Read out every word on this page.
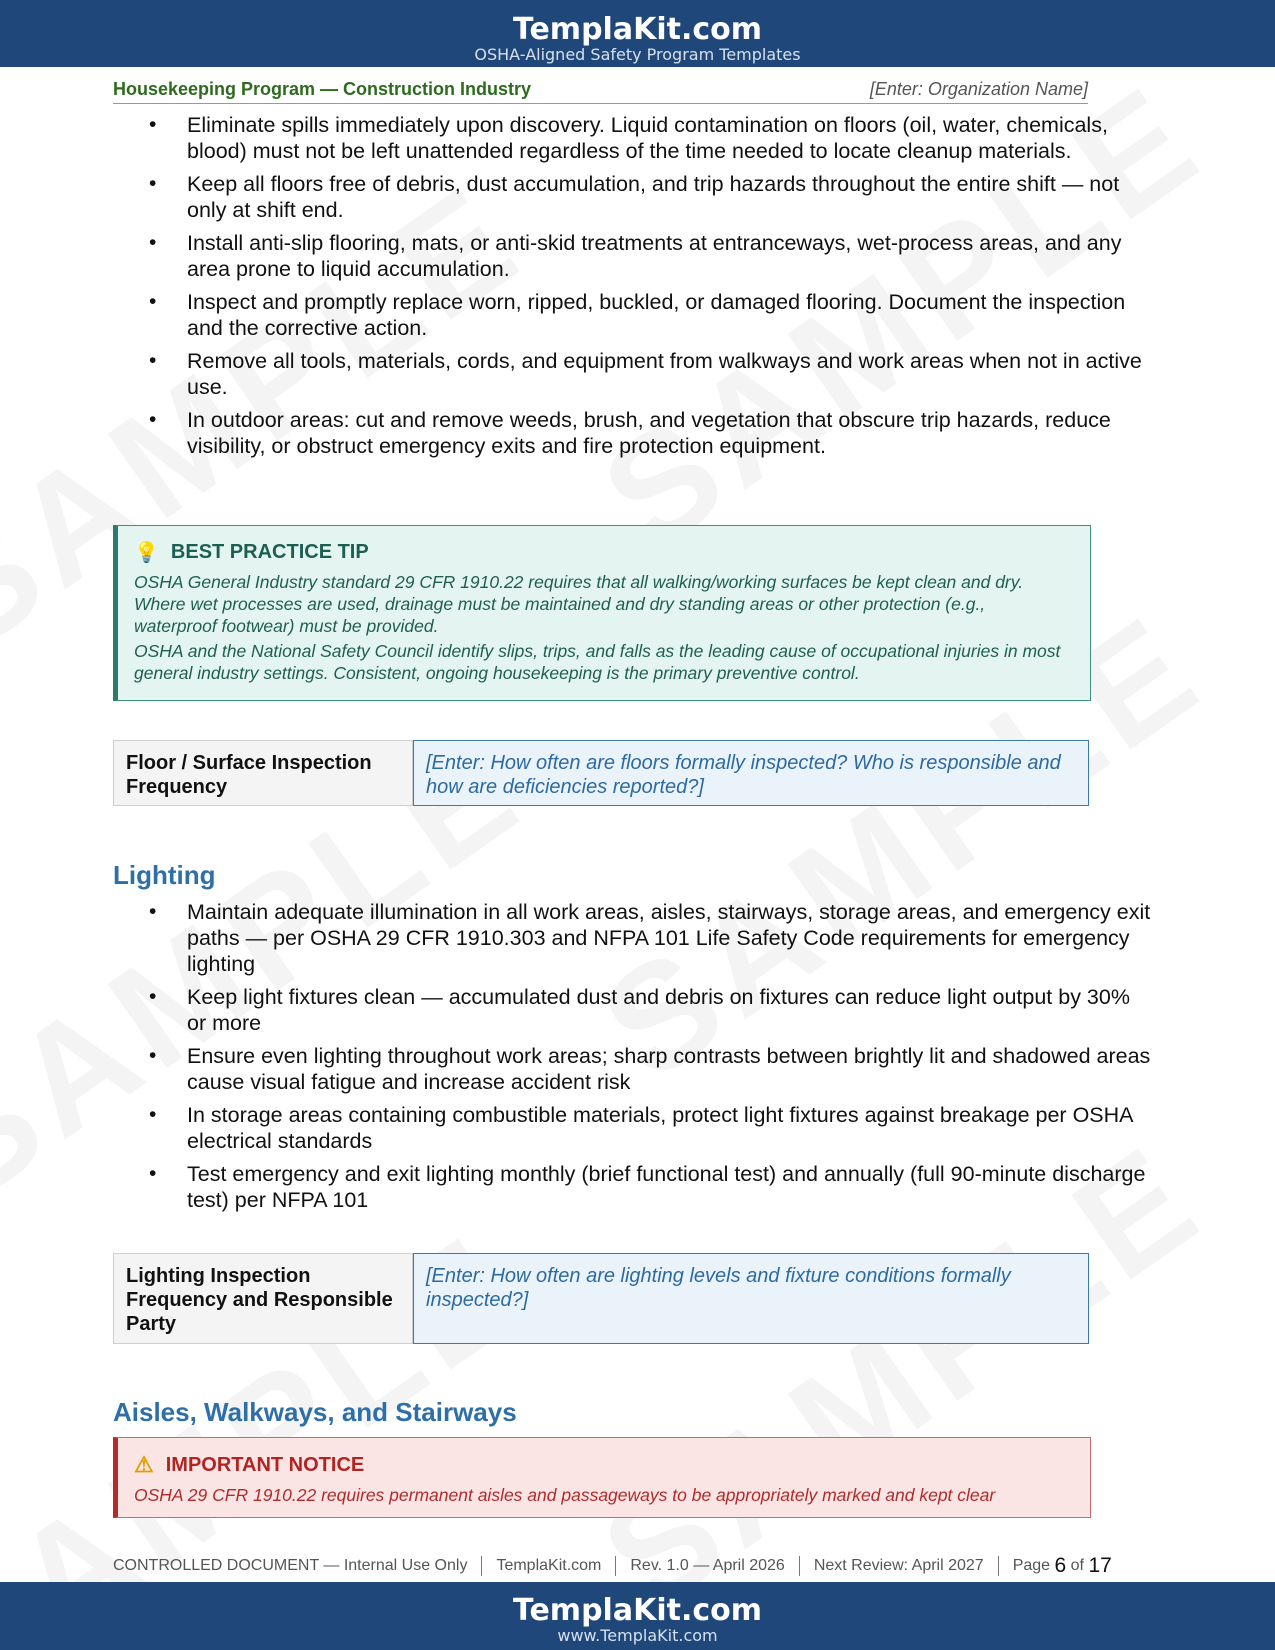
TemplaKit.com
OSHA-Aligned Safety Program Templates
Housekeeping Program — Construction Industry	[Enter: Organization Name]
• Eliminate spills immediately upon discovery. Liquid contamination on floors (oil, water, chemicals, blood) must not be left unattended regardless of the time needed to locate cleanup materials.
• Keep all floors free of debris, dust accumulation, and trip hazards throughout the entire shift — not only at shift end.
• Install anti-slip flooring, mats, or anti-skid treatments at entranceways, wet-process areas, and any area prone to liquid accumulation.
• Inspect and promptly replace worn, ripped, buckled, or damaged flooring. Document the inspection and the corrective action.
• Remove all tools, materials, cords, and equipment from walkways and work areas when not in active use.
• In outdoor areas: cut and remove weeds, brush, and vegetation that obscure trip hazards, reduce visibility, or obstruct emergency exits and fire protection equipment.
💡 BEST PRACTICE TIP

OSHA General Industry standard 29 CFR 1910.22 requires that all walking/working surfaces be kept clean and dry. Where wet processes are used, drainage must be maintained and dry standing areas or other protection (e.g., waterproof footwear) must be provided.

OSHA and the National Safety Council identify slips, trips, and falls as the leading cause of occupational injuries in most general industry settings. Consistent, ongoing housekeeping is the primary preventive control.

Floor / Surface Inspection Frequency
[Enter: How often are floors formally inspected? Who is responsible and how are deficiencies reported?]
Lighting
• Maintain adequate illumination in all work areas, aisles, stairways, storage areas, and emergency exit paths — per OSHA 29 CFR 1910.303 and NFPA 101 Life Safety Code requirements for emergency lighting
• Keep light fixtures clean — accumulated dust and debris on fixtures can reduce light output by 30% or more
• Ensure even lighting throughout work areas; sharp contrasts between brightly lit and shadowed areas cause visual fatigue and increase accident risk
• In storage areas containing combustible materials, protect light fixtures against breakage per OSHA electrical standards
• Test emergency and exit lighting monthly (brief functional test) and annually (full 90-minute discharge test) per NFPA 101
Lighting Inspection Frequency and Responsible Party
[Enter: How often are lighting levels and fixture conditions formally inspected?]
Aisles, Walkways, and Stairways
⚠ IMPORTANT NOTICE

OSHA 29 CFR 1910.22 requires permanent aisles and passageways to be appropriately marked and kept clear

CONTROLLED DOCUMENT — Internal Use Only TemplaKit.com Rev. 1.0 — April 2026 Next Review: April 2027 Page
6
of
17
TemplaKit.com
www.TemplaKit.com
